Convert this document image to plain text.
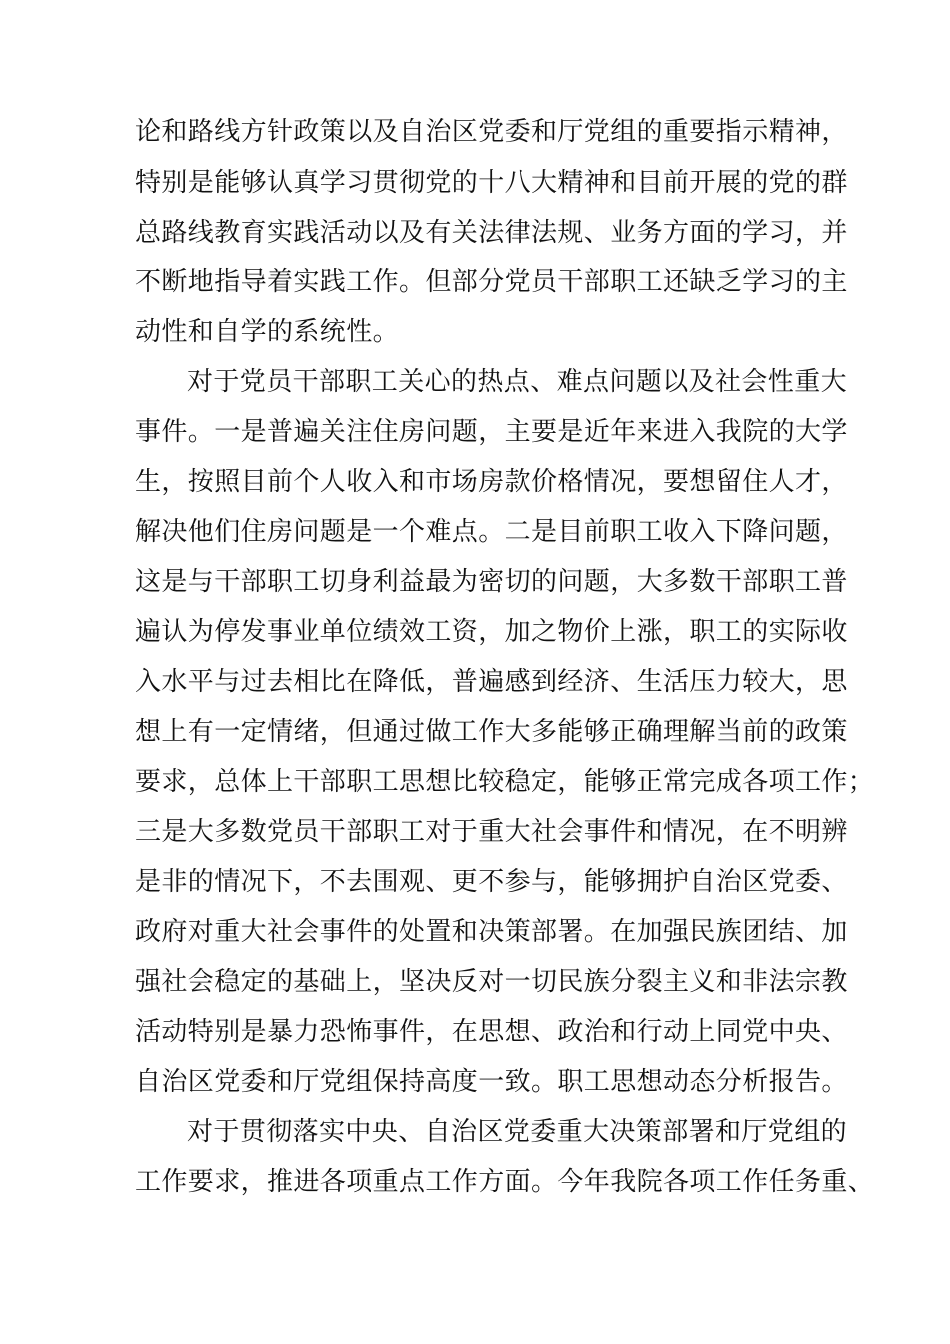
论和路线方针政策以及自治区党委和厅党组的重要指示精神，
特别是能够认真学习贯彻党的十八大精神和目前开展的党的群
总路线教育实践活动以及有关法律法规、业务方面的学习，并
不断地指导着实践工作。但部分党员干部职工还缺乏学习的主
动性和自学的系统性。
对于党员干部职工关心的热点、难点问题以及社会性重大
事件。一是普遍关注住房问题，主要是近年来进入我院的大学
生，按照目前个人收入和市场房款价格情况，要想留住人才，
解决他们住房问题是一个难点。二是目前职工收入下降问题，
这是与干部职工切身利益最为密切的问题，大多数干部职工普
遍认为停发事业单位绩效工资，加之物价上涨，职工的实际收
入水平与过去相比在降低，普遍感到经济、生活压力较大，思
想上有一定情绪，但通过做工作大多能够正确理解当前的政策
要求，总体上干部职工思想比较稳定，能够正常完成各项工作；
三是大多数党员干部职工对于重大社会事件和情况，在不明辨
是非的情况下，不去围观、更不参与，能够拥护自治区党委、
政府对重大社会事件的处置和决策部署。在加强民族团结、加
强社会稳定的基础上，坚决反对一切民族分裂主义和非法宗教
活动特别是暴力恐怖事件，在思想、政治和行动上同党中央、
自治区党委和厅党组保持高度一致。职工思想动态分析报告。
对于贯彻落实中央、自治区党委重大决策部署和厅党组的
工作要求，推进各项重点工作方面。今年我院各项工作任务重、
